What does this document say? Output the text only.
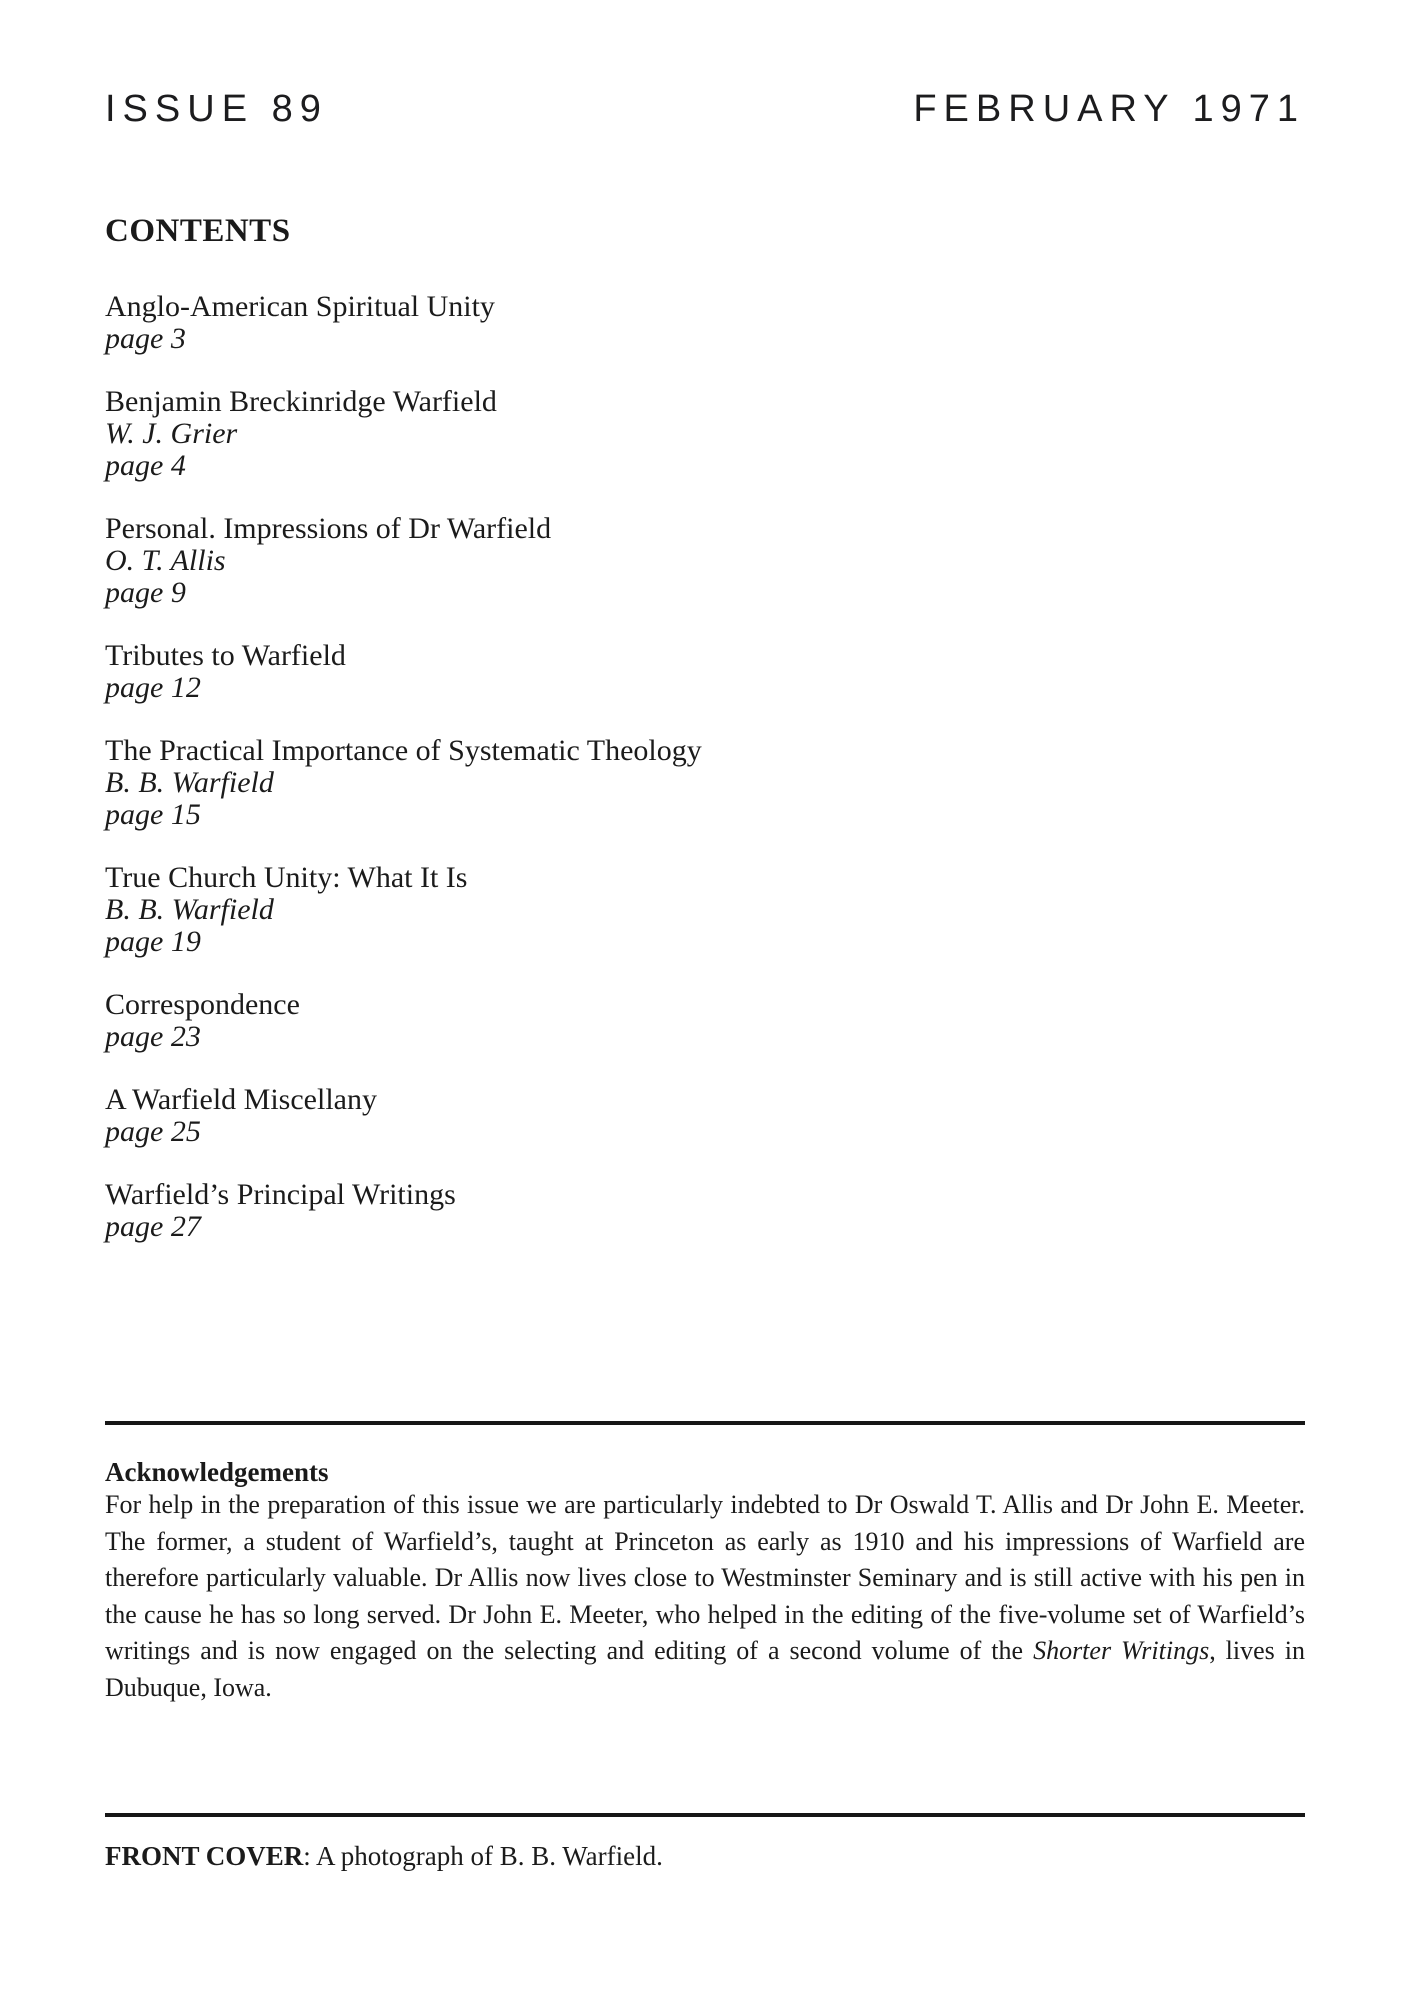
ISSUE 89	FEBRUARY 1971
CONTENTS
Anglo-American Spiritual Unity
page 3
Benjamin Breckinridge Warfield
W. J. Grier
page 4
Personal. Impressions of Dr Warfield
O. T. Allis
page 9
Tributes to Warfield
page 12
The Practical Importance of Systematic Theology
B. B. Warfield
page 15
True Church Unity: What It Is
B. B. Warfield
page 19
Correspondence
page 23
A Warfield Miscellany
page 25
Warfield’s Principal Writings
page 27
Acknowledgements

For help in the preparation of this issue we are particularly indebted to Dr Oswald T. Allis and Dr John E. Meeter. The former, a student of Warfield’s, taught at Princeton as early as 1910 and his impressions of Warfield are therefore particularly valuable. Dr Allis now lives close to Westminster Seminary and is still active with his pen in the cause he has so long served. Dr John E. Meeter, who helped in the editing of the five-volume set of Warfield’s writings and is now engaged on the selecting and editing of a second volume of the Shorter Writings, lives in Dubuque, Iowa.

FRONT COVER: A photograph of B. B. Warfield.
